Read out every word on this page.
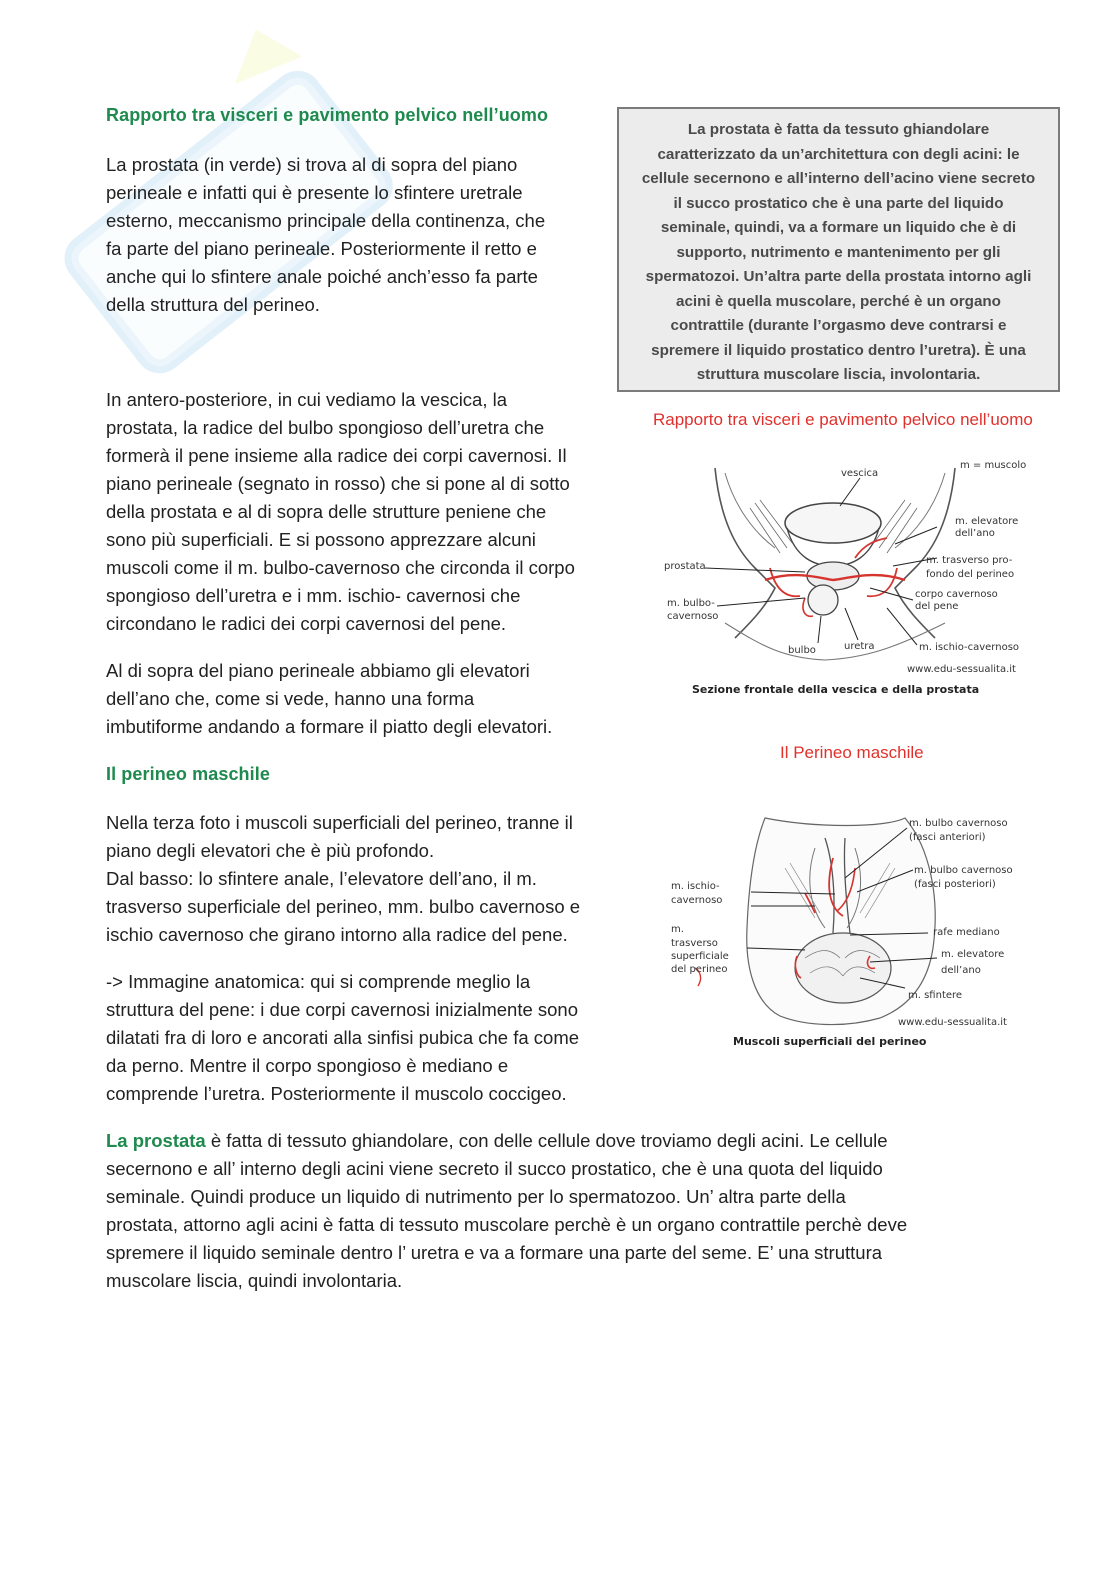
Rapporto tra visceri e pavimento pelvico nell’uomo

La prostata (in verde) si trova al di sopra del piano

perineale e infatti qui è presente lo sfintere uretrale

esterno, meccanismo principale della continenza, che

fa parte del piano perineale. Posteriormente il retto e

anche qui lo sfintere anale poiché anch’esso fa parte

della struttura del perineo.

In antero-posteriore, in cui vediamo la vescica, la

prostata, la radice del bulbo spongioso dell’uretra che

formerà il pene insieme alla radice dei corpi cavernosi. Il

piano perineale (segnato in rosso) che si pone al di sotto

della prostata e al di sopra delle strutture peniene che

sono più superficiali. E si possono apprezzare alcuni

muscoli come il m. bulbo-cavernoso che circonda il corpo

spongioso dell’uretra e i mm. ischio- cavernosi che

circondano le radici dei corpi cavernosi del pene.

Al di sopra del piano perineale abbiamo gli elevatori

dell’ano che, come si vede, hanno una forma

imbutiforme andando a formare il piatto degli elevatori.

Il perineo maschile

Nella terza foto i muscoli superficiali del perineo, tranne il

piano degli elevatori che è più profondo.

Dal basso: lo sfintere anale, l’elevatore dell’ano, il m.

trasverso superficiale del perineo, mm. bulbo cavernoso e

ischio cavernoso che girano intorno alla radice del pene.

-> Immagine anatomica: qui si comprende meglio la

struttura del pene: i due corpi cavernosi inizialmente sono

dilatati fra di loro e ancorati alla sinfisi pubica che fa come

da perno. Mentre il corpo spongioso è mediano e

comprende l’uretra. Posteriormente il muscolo coccigeo.

La prostata è fatta da tessuto ghiandolare
caratterizzato da un’architettura con degli acini: le
cellule secernono e all’interno dell’acino viene secreto
il succo prostatico che è una parte del liquido
seminale, quindi, va a formare un liquido che è di
supporto, nutrimento e mantenimento per gli
spermatozoi. Un’altra parte della prostata intorno agli
acini è quella muscolare, perché è un organo
contrattile (durante l’orgasmo deve contrarsi e
spremere il liquido prostatico dentro l’uretra). È una
struttura muscolare liscia, involontaria.
Rapporto tra visceri e pavimento pelvico nell’uomo
m = muscolo
vescica
m. elevatore
dell’ano
m. trasverso pro-
fondo del perineo
prostata
corpo cavernoso
del pene
m. bulbo-
cavernoso
bulbo	uretra	m. ischio-cavernoso
www.edu-sessualita.it
Sezione frontale della vescica e della prostata
Il Perineo maschile
m. bulbo cavernoso
(fasci anteriori)
m. bulbo cavernoso
(fasci posteriori)
m. ischio-
cavernoso
rafe mediano
m.
trasverso
superficiale
del perineo
m. elevatore
dell’ano
m. sfintere
www.edu-sessualita.it
Muscoli superficiali del perineo
La prostata è fatta di tessuto ghiandolare, con delle cellule dove troviamo degli acini. Le cellule
secernono e all’ interno degli acini viene secreto il succo prostatico, che è una quota del liquido
seminale. Quindi produce un liquido di nutrimento per lo spermatozoo. Un’ altra parte della
prostata, attorno agli acini è fatta di tessuto muscolare perchè è un organo contrattile perchè deve
spremere il liquido seminale dentro l’ uretra e va a formare una parte del seme. E’ una struttura
muscolare liscia, quindi involontaria.
